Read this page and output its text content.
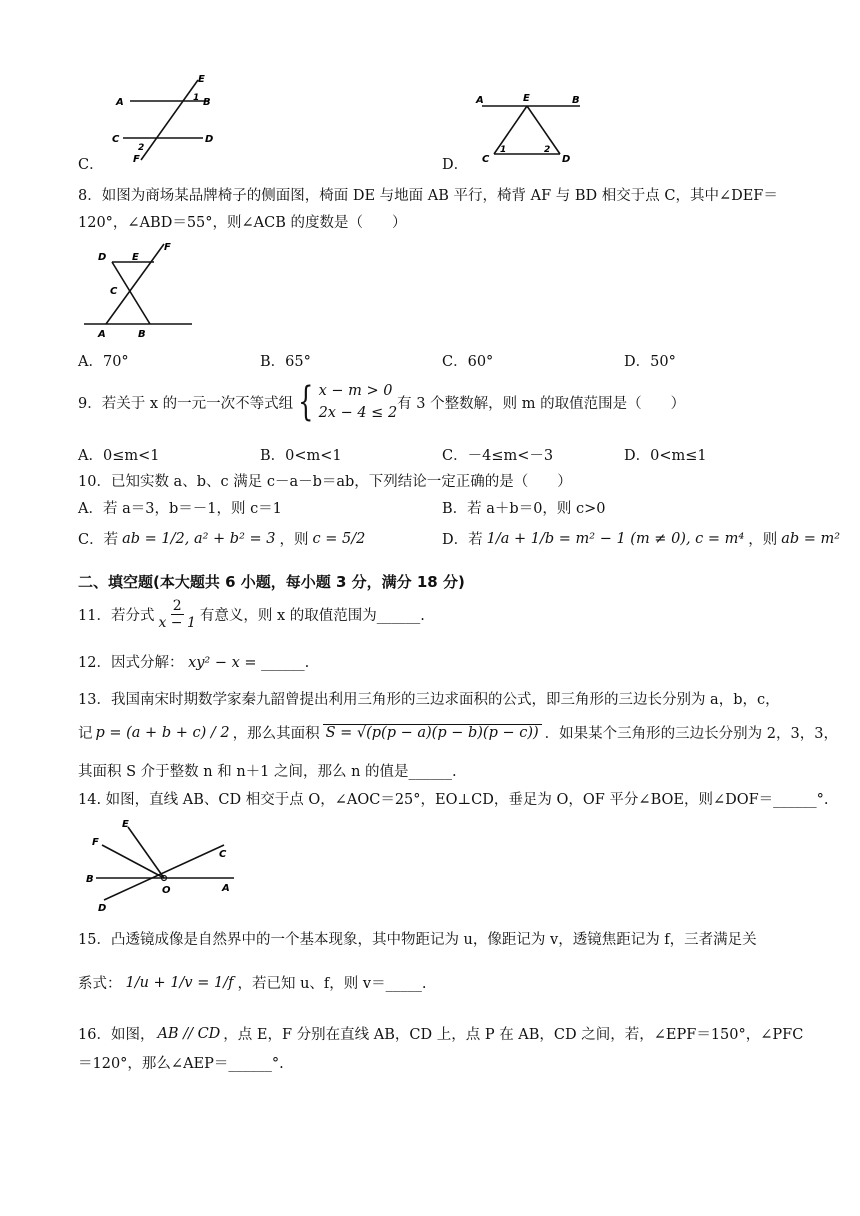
E
A	1 B
C
2
D
F
C．
A	E	B
C
1	2
D
D．
8．如图为商场某品牌椅子的侧面图，椅面 DE 与地面 AB 平行，椅背 AF 与 BD 相交于点 C，其中∠DEF＝
120°，∠ABD＝55°，则∠ACB 的度数是（　　）
D	E
F
C
A	B
A．70°	B．65°	C．60°	D．50°
9．若关于 x 的一元一次不等式组 { x − m > 0
2x − 4 ≤ 2
有 3 个整数解，则 m 的取值范围是（　　）
A．0≤m<1	B．0<m<1	C．－4≤m<－3	D．0<m≤1
10．已知实数 a、b、c 满足 c－a－b＝ab，下列结论一定正确的是（　　）
A．若 a＝3，b＝－1，则 c＝1	B．若 a＋b＝0，则 c>0
C．若 ab = 1/2, a² + b² = 3 ，则 c = 5/2	D．若 1/a + 1/b = m² − 1 (m ≠ 0), c = m⁴ ，则 ab = m²
二、填空题(本大题共 6 小题，每小题 3 分，满分 18 分)
11．若分式 $\frac{2}{x - 1}$ 有意义，则 x 的取值范围为______.
12．因式分解： xy² − x = ______.
13．我国南宋时期数学家秦九韶曾提出利用三角形的三边求面积的公式，即三角形的三边长分别为 a，b，c，
记 p = (a + b + c) / 2 ，那么其面积 S = √(p(p − a)(p − b)(p − c)) ．如果某个三角形的三边长分别为 2，3，3，
其面积 S 介于整数 n 和 n＋1 之间，那么 n 的值是______.
14. 如图，直线 AB、CD 相交于点 O，∠AOC＝25°，EO⊥CD，垂足为 O，OF 平分∠BOE，则∠DOF＝______°.
E
F
C
B
O	A
D
15．凸透镜成像是自然界中的一个基本现象，其中物距记为 u，像距记为 v，透镜焦距记为 f，三者满足关
系式： 1/u + 1/v = 1/f ，若已知 u、f，则 v＝_____.
16．如图， AB // CD ，点 E，F 分别在直线 AB，CD 上，点 P 在 AB，CD 之间，若，∠EPF＝150°，∠PFC
＝120°，那么∠AEP＝______°.
